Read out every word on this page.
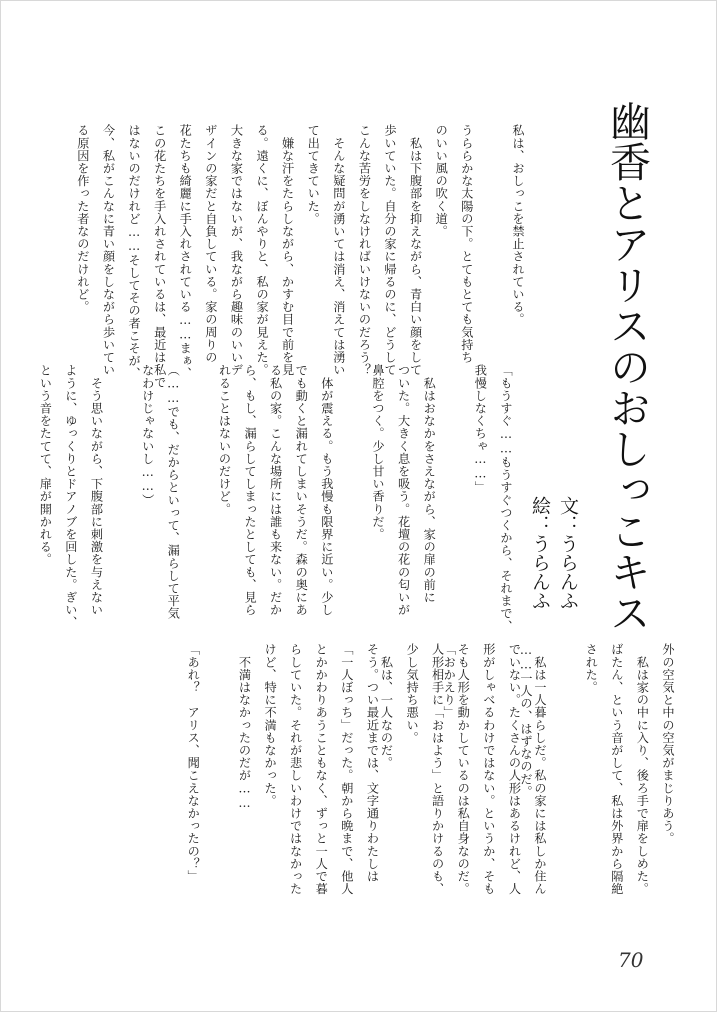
幽香とアリスのおしっこキス
文：うらんふ
絵：うらんふ
私は、おしっこを禁止されている。

うららかな太陽の下。とてもとても気持ち
のいい風の吹く道。
　私は下腹部を抑えながら、青白い顔をして
歩いていた。自分の家に帰るのに、どうして
こんな苦労をしなければいけないのだろう？
　そんな疑問が湧いては消え、消えては湧い
て出てきていた。
　嫌な汗をたらしながら、かすむ目で前を見
る。遠くに、ぼんやりと、私の家が見えた。
大きな家ではないが、我ながら趣味のいいデ
ザインの家だと自負している。家の周りの
花たちも綺麗に手入れされている……まぁ、
この花たちを手入れされているは、最近は私で
はないのだけれど……そしてその者こそが、
今、私がこんなに青い顔をしながら歩いてい
る原因を作った者なのだけれど。
「もうすぐ……もうすぐつくから、それまで、
我慢しなくちゃ……」

　私はおなかをさえながら、家の扉の前に
ついた。大きく息を吸う。花壇の花の匂いが
鼻腔をつく。少し甘い香りだ。

　体が震える。もう我慢も限界に近い。少し
でも動くと漏れてしまいそうだ。森の奥にあ
る私の家。こんな場所には誰も来ない。だか
ら、もし、漏らしてしまったとしても、見ら
れることはないのだけど。

（……でも、だからといって、漏らして平気
なわけじゃないし……）

　そう思いながら、下腹部に刺激を与えない
ように、ゆっくりとドアノブを回した。ぎい、
という音をたてて、扉が開かれる。
外の空気と中の空気がまじりあう。
　私は家の中に入り、後ろ手で扉をしめた。
ばたん、という音がして、私は外界から隔絶
された。

　私は一人暮らしだ。私の家には私しか住ん
でいない。たくさんの人形はあるけれど、人
形がしゃべるわけではない。というか、そも
そも人形を動かしているのは私自身なのだ。
人形相手に「おはよう」と語りかけるのも、
少し気持ち悪い。
　私は、一人なのだ。	……一人の、はずなのだ。

「おかえり」

そう。つい最近までは、文字通りわたしは
「一人ぼっち」だった。朝から晩まで、他人
とかかわりあうこともなく、ずっと一人で暮
らしていた。それが悲しいわけではなかった
けど、特に不満もなかった。
　不満はなかったのだが……

「あれ？　アリス、聞こえなかったの？」
70
